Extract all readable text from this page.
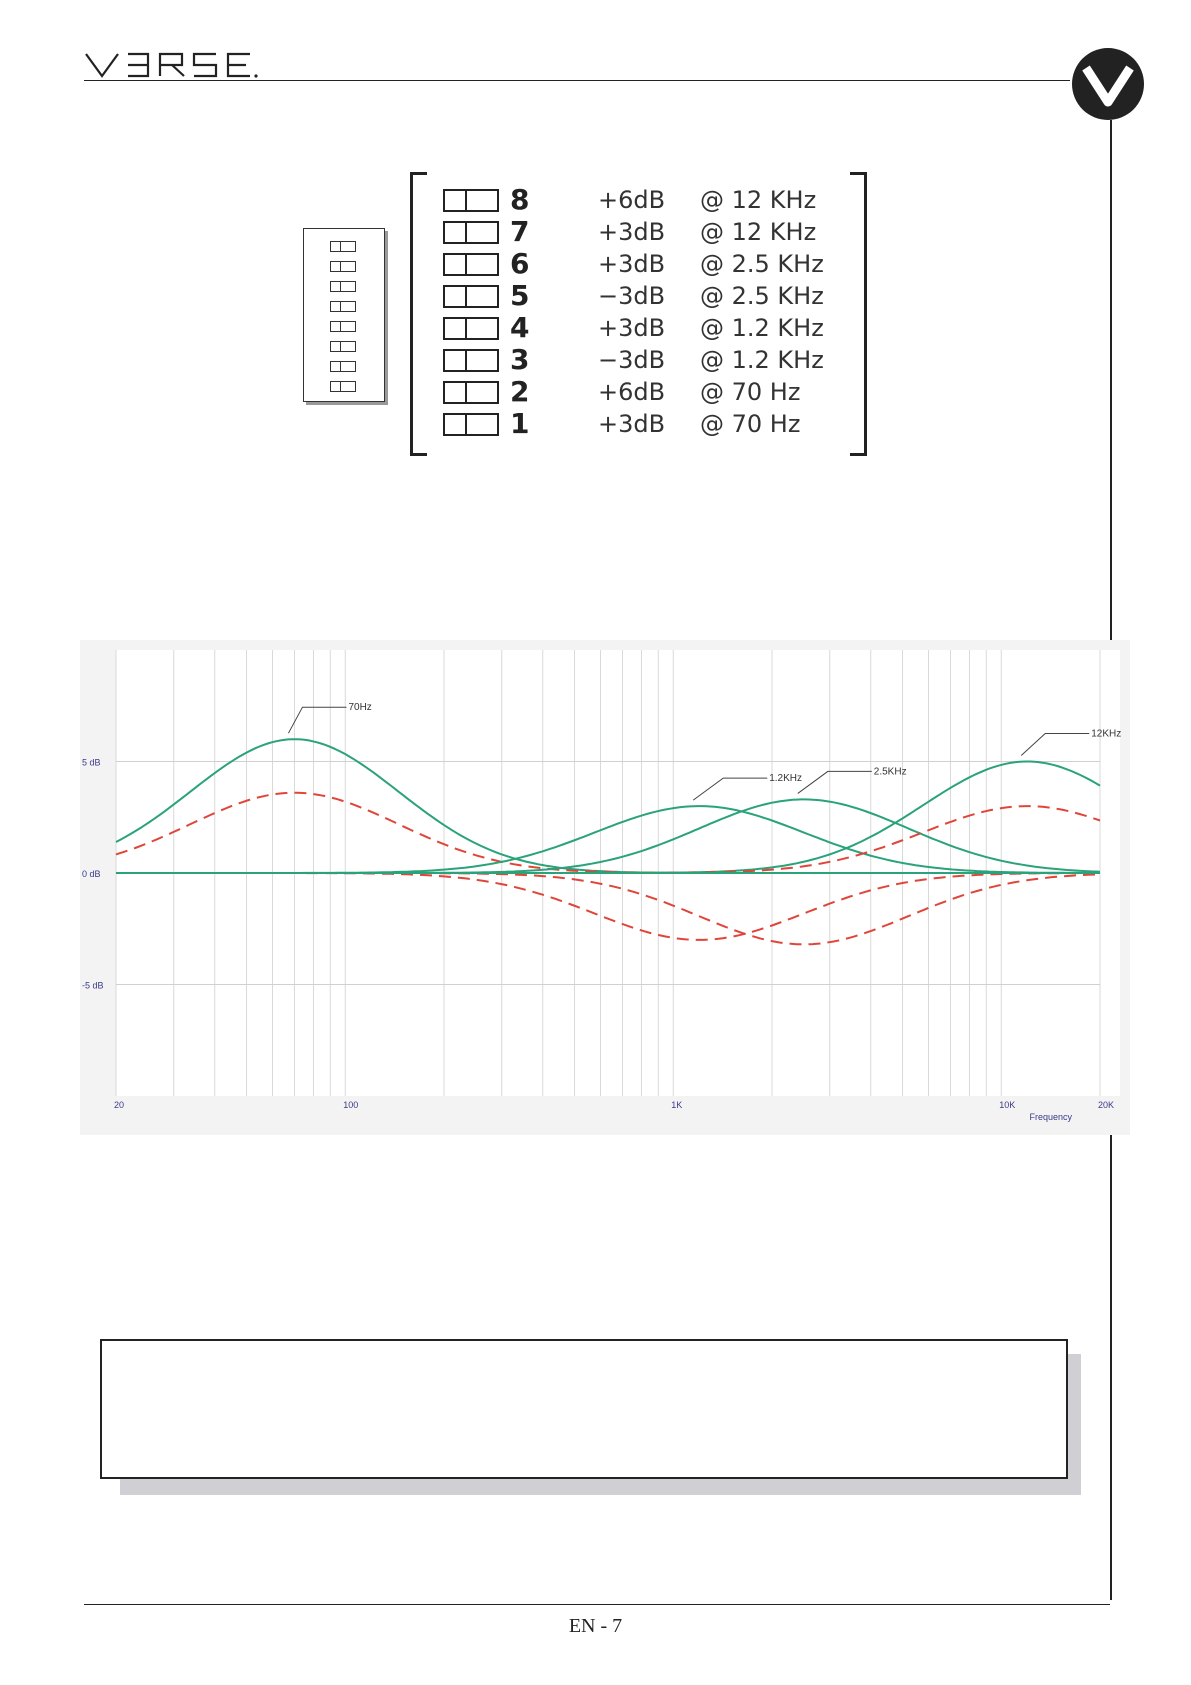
8	+6dB @ 12 KHz
7	+3dB @ 12 KHz
6	+3dB @ 2.5 KHz
5	−3dB @ 2.5 KHz
4	+3dB @ 1.2 KHz
3	−3dB @ 1.2 KHz
2	+6dB @ 70 Hz
1	+3dB @ 70 Hz
5 dB
0 dB
-5 dB
20	100	1K	10K	20K
Frequency
70Hz
1.2KHz
2.5KHz
12KHz
EN - 7
